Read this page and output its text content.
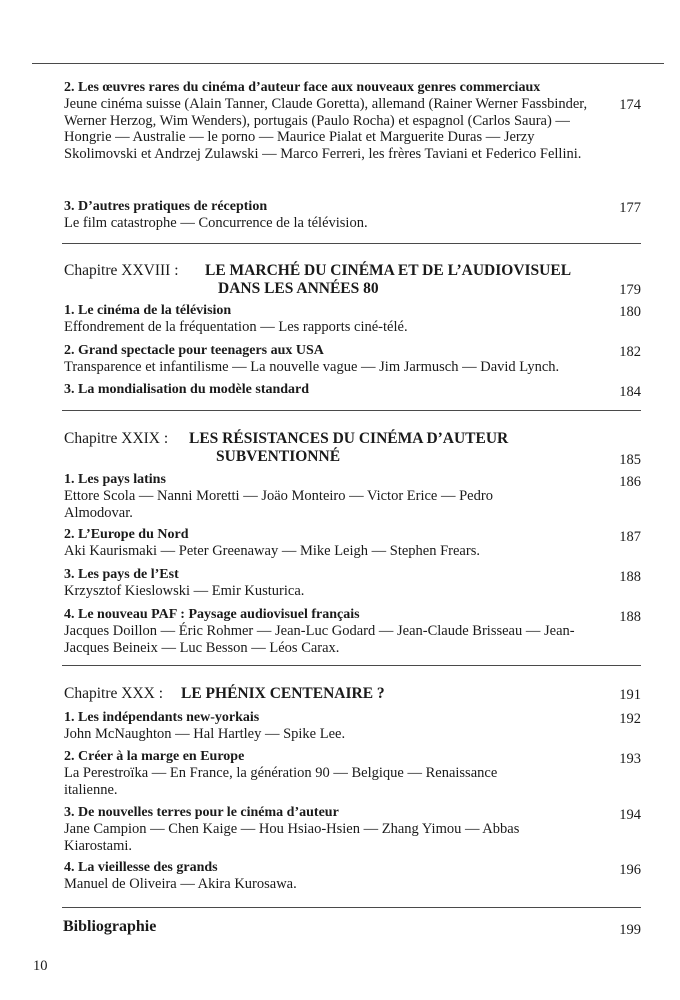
2. Les œuvres rares du cinéma d’auteur face aux nouveaux genres commerciaux
Jeune cinéma suisse (Alain Tanner, Claude Goretta), allemand (Rainer Werner Fassbinder, Werner Herzog, Wim Wenders), portugais (Paulo Rocha) et espagnol (Carlos Saura) — Hongrie — Australie — le porno — Maurice Pialat et Marguerite Duras — Jerzy Skolimovski et Andrzej Zulawski — Marco Ferreri, les frères Taviani et Federico Fellini.
174
3. D’autres pratiques de réception
Le film catastrophe — Concurrence de la télévision.
177
Chapitre XXVIII : LE MARCHÉ DU CINÉMA ET DE L’AUDIOVISUEL
DANS LES ANNÉES 80	179
1. Le cinéma de la télévision
Effondrement de la fréquentation — Les rapports ciné-télé.
180
2. Grand spectacle pour teenagers aux USA
Transparence et infantilisme — La nouvelle vague — Jim Jarmusch — David Lynch.
182
3. La mondialisation du modèle standard	184
Chapitre XXIX : LES RÉSISTANCES DU CINÉMA D’AUTEUR
SUBVENTIONNÉ	185
1. Les pays latins
Ettore Scola — Nanni Moretti — Joäo Monteiro — Victor Erice — Pedro Almodovar.
186
2. L’Europe du Nord
Aki Kaurismaki — Peter Greenaway — Mike Leigh — Stephen Frears.
187
3. Les pays de l’Est
Krzysztof Kieslowski — Emir Kusturica.
188
4. Le nouveau PAF : Paysage audiovisuel français
Jacques Doillon — Éric Rohmer — Jean-Luc Godard — Jean-Claude Brisseau — Jean-Jacques Beineix — Luc Besson — Léos Carax.
188
Chapitre XXX : LE PHÉNIX CENTENAIRE ?	191
1. Les indépendants new-yorkais
John McNaughton — Hal Hartley — Spike Lee.
192
2. Créer à la marge en Europe
La Perestroïka — En France, la génération 90 — Belgique — Renaissance italienne.
193
3. De nouvelles terres pour le cinéma d’auteur
Jane Campion — Chen Kaige — Hou Hsiao-Hsien — Zhang Yimou — Abbas Kiarostami.
194
4. La vieillesse des grands
Manuel de Oliveira — Akira Kurosawa.
196
Bibliographie	199
10
